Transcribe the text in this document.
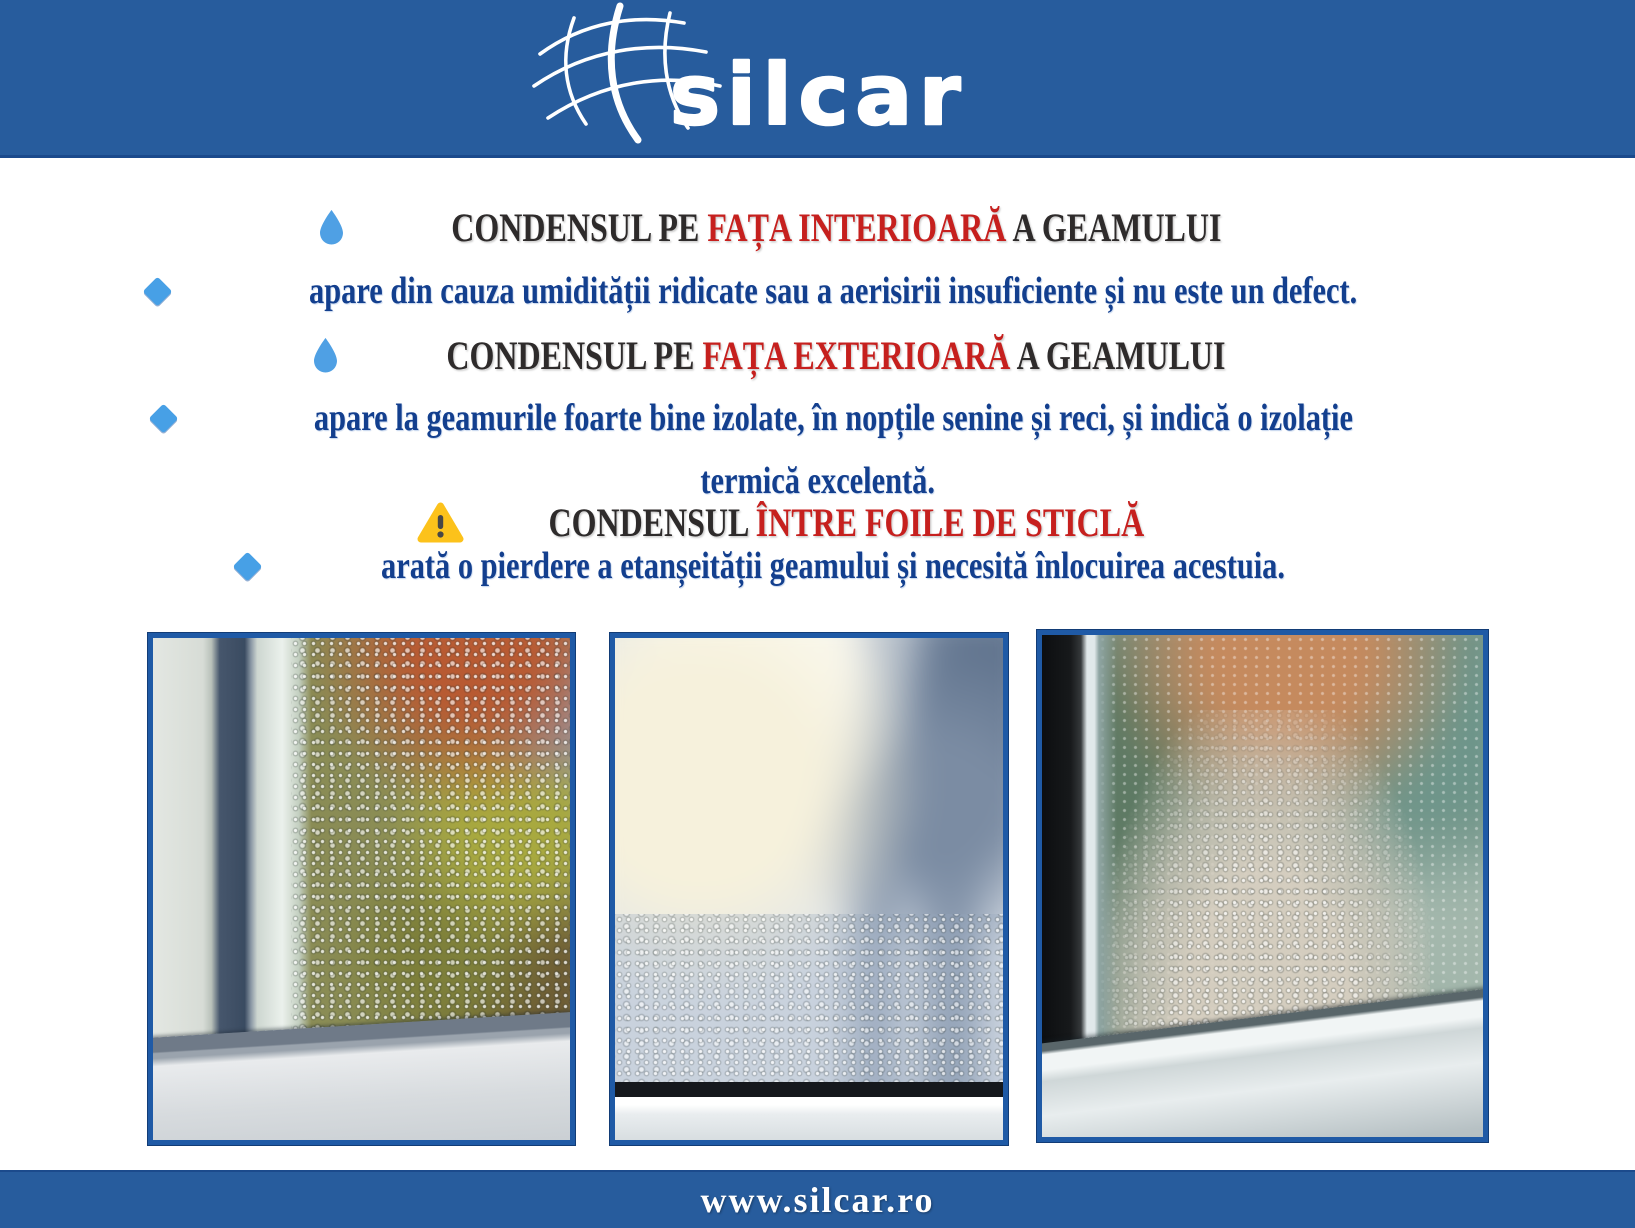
silcar
CONDENSUL PE FAȚA INTERIOARĂ A GEAMULUI
apare din cauza umidității ridicate sau a aerisirii insuficiente și nu este un defect.
CONDENSUL PE FAȚA EXTERIOARĂ A GEAMULUI
apare la geamurile foarte bine izolate, în nopțile senine și reci, și indică o izolație
termică excelentă.
CONDENSUL ÎNTRE FOILE DE STICLĂ
arată o pierdere a etanșeității geamului și necesită înlocuirea acestuia.
www.silcar.ro
